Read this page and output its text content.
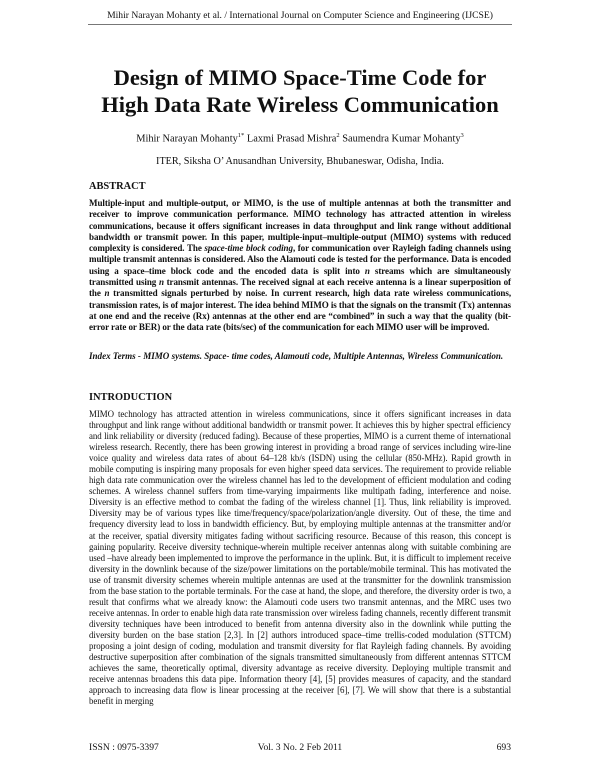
Mihir Narayan Mohanty et al. / International Journal on Computer Science and Engineering (IJCSE)
Design of MIMO Space-Time Code for
High Data Rate Wireless Communication
Mihir Narayan Mohanty$^{1*}$ Laxmi Prasad Mishra$^2$ Saumendra Kumar Mohanty$^3$
ITER, Siksha O’ Anusandhan University, Bhubaneswar, Odisha, India.
ABSTRACT

Multiple-input and multiple-output, or MIMO, is the use of multiple antennas at both the transmitter and receiver to improve communication performance. MIMO technology has attracted attention in wireless communications, because it offers significant increases in data throughput and link range without additional bandwidth or transmit power. In this paper, multiple-input–multiple-output (MIMO) systems with reduced complexity is considered. The space-time block coding, for communication over Rayleigh fading channels using multiple transmit antennas is considered. Also the Alamouti code is tested for the performance. Data is encoded using a space–time block code and the encoded data is split into n streams which are simultaneously transmitted using n transmit antennas. The received signal at each receive antenna is a linear superposition of the n transmitted signals perturbed by noise. In current research, high data rate wireless communications, transmission rates, is of major interest. The idea behind MIMO is that the signals on the transmit (Tx) antennas at one end and the receive (Rx) antennas at the other end are “combined” in such a way that the quality (bit-error rate or BER) or the data rate (bits/sec) of the communication for each MIMO user will be improved.

Index Terms - MIMO systems. Space- time codes, Alamouti code, Multiple Antennas, Wireless Communication.

INTRODUCTION

MIMO technology has attracted attention in wireless communications, since it offers significant increases in data throughput and link range without additional bandwidth or transmit power. It achieves this by higher spectral efficiency and link reliability or diversity (reduced fading). Because of these properties, MIMO is a current theme of international wireless research. Recently, there has been growing interest in providing a broad range of services including wire-line voice quality and wireless data rates of about 64–128 kb/s (ISDN) using the cellular (850-MHz). Rapid growth in mobile computing is inspiring many proposals for even higher speed data services. The requirement to provide reliable high data rate communication over the wireless channel has led to the development of efficient modulation and coding schemes. A wireless channel suffers from time-varying impairments like multipath fading, interference and noise. Diversity is an effective method to combat the fading of the wireless channel [1]. Thus, link reliability is improved. Diversity may be of various types like time/frequency/space/polarization/angle diversity. Out of these, the time and frequency diversity lead to loss in bandwidth efficiency. But, by employing multiple antennas at the transmitter and/or at the receiver, spatial diversity mitigates fading without sacrificing resource. Because of this reason, this concept is gaining popularity. Receive diversity technique-wherein multiple receiver antennas along with suitable combining are used –have already been implemented to improve the performance in the uplink. But, it is difficult to implement receive diversity in the downlink because of the size/power limitations on the portable/mobile terminal. This has motivated the use of transmit diversity schemes wherein multiple antennas are used at the transmitter for the downlink transmission from the base station to the portable terminals. For the case at hand, the slope, and therefore, the diversity order is two, a result that confirms what we already know: the Alamouti code users two transmit antennas, and the MRC uses two receive antennas. In order to enable high data rate transmission over wireless fading channels, recently different transmit diversity techniques have been introduced to benefit from antenna diversity also in the downlink while putting the diversity burden on the base station [2,3]. In [2] authors introduced space–time trellis-coded modulation (STTCM) proposing a joint design of coding, modulation and transmit diversity for flat Rayleigh fading channels. By avoiding destructive superposition after combination of the signals transmitted simultaneously from different antennas STTCM achieves the same, theoretically optimal, diversity advantage as receive diversity. Deploying multiple transmit and receive antennas broadens this data pipe. Information theory [4], [5] provides measures of capacity, and the standard approach to increasing data flow is linear processing at the receiver [6], [7]. We will show that there is a substantial benefit in merging

ISSN : 0975-3397	Vol. 3 No. 2 Feb 2011	693
